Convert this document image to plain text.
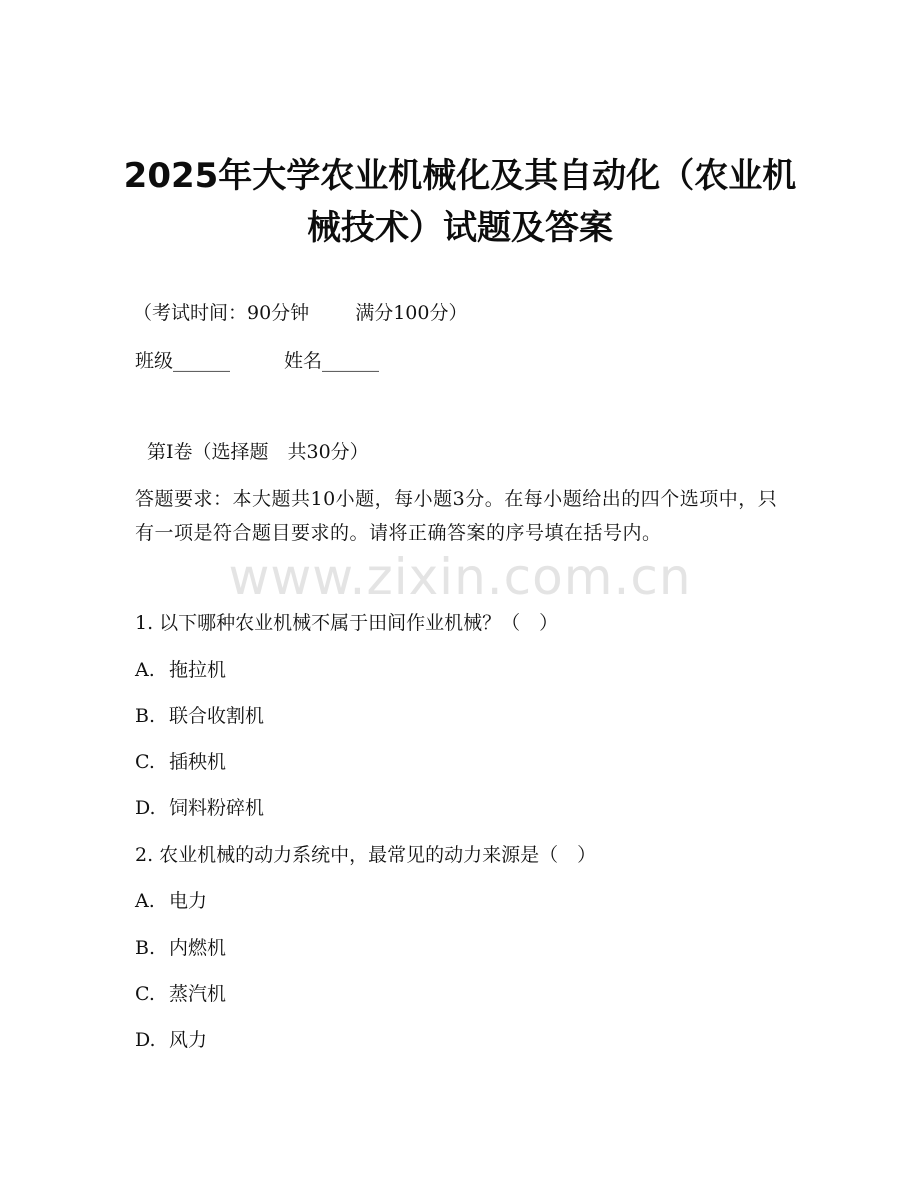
2025年大学农业机械化及其自动化（农业机
械技术）试题及答案
（考试时间：90分钟 满分100分）
班级______	姓名______
第I卷（选择题　共30分）
答题要求：本大题共10小题，每小题3分。在每小题给出的四个选项中，只有一项是符合题目要求的。请将正确答案的序号填在括号内。
www.zixin.com.cn
1. 以下哪种农业机械不属于田间作业机械？（　）
A. 拖拉机
B. 联合收割机
C. 插秧机
D. 饲料粉碎机
2. 农业机械的动力系统中，最常见的动力来源是（　）
A. 电力
B. 内燃机
C. 蒸汽机
D. 风力
